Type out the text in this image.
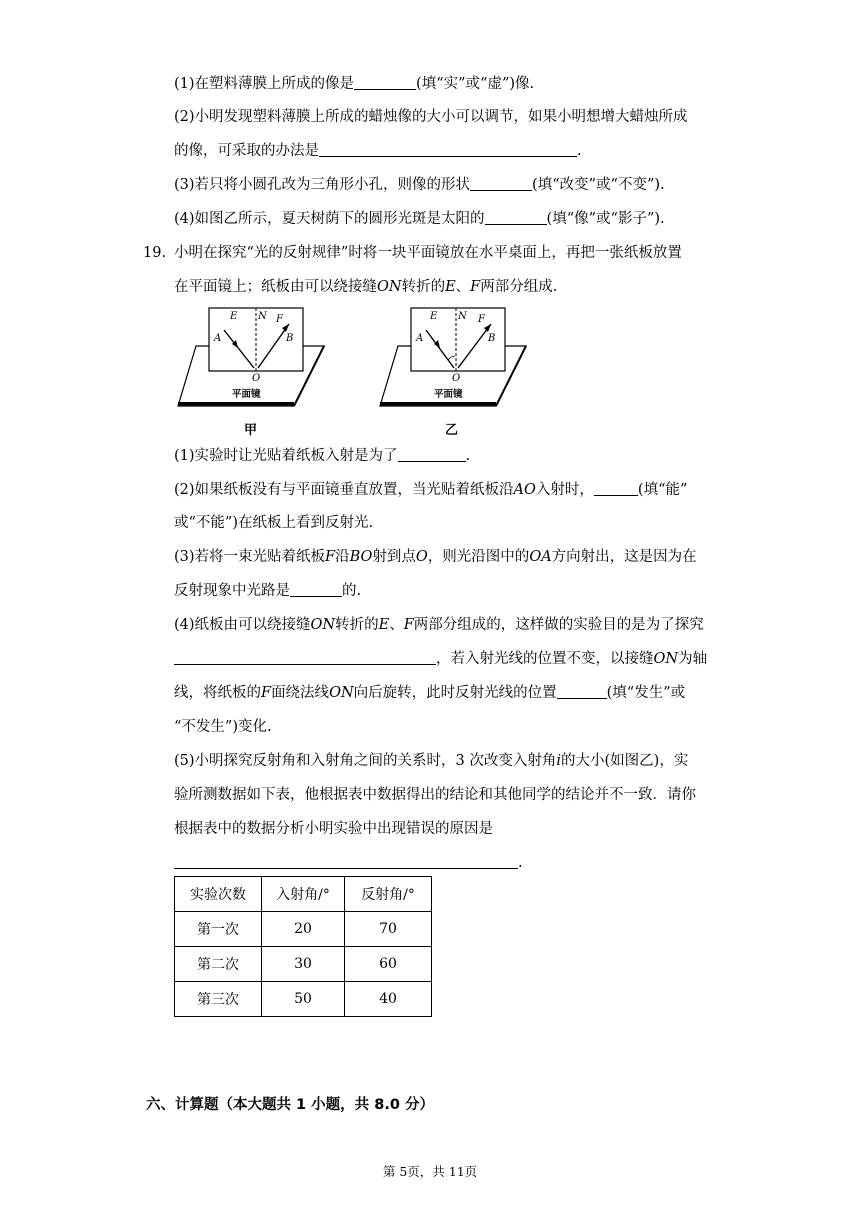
(1)在塑料薄膜上所成的像是	(填“实”或“虚”)像.
(2)小明发现塑料薄膜上所成的蜡烛像的大小可以调节，如果小明想增大蜡烛所成
的像，可采取的办法是	.
(3)若只将小圆孔改为三角形小孔，则像的形状	(填“改变”或“不变”).
(4)如图乙所示，夏天树荫下的圆形光斑是太阳的	(填“像”或“影子”).
19. 小明在探究“光的反射规律”时将一块平面镜放在水平桌面上，再把一张纸板放置
在平面镜上；纸板由可以绕接缝ON转折的E、F两部分组成.
E N F
A	B
O
平面镜
甲
E N F
A	B
O
平面镜
乙
(1)实验时让光贴着纸板入射是为了	.
(2)如果纸板没有与平面镜垂直放置，当光贴着纸板沿AO入射时，	(填“能”
或“不能”)在纸板上看到反射光.
(3)若将一束光贴着纸板F沿BO射到点O，则光沿图中的OA方向射出，这是因为在
反射现象中光路是	的.
(4)纸板由可以绕接缝ON转折的E、F两部分组成的，这样做的实验目的是为了探究
，若入射光线的位置不变，以接缝ON为轴
线，将纸板的F面绕法线ON向后旋转，此时反射光线的位置	(填“发生”或
“不发生”)变化.
(5)小明探究反射角和入射角之间的关系时，3 次改变入射角i的大小(如图乙)，实
验所测数据如下表，他根据表中数据得出的结论和其他同学的结论并不一致．请你
根据表中的数据分析小明实验中出现错误的原因是
.
实验次数	入射角/°	反射角/°
第一次	20	70
第二次	30	60
第三次	50	40
六、计算题（本大题共 1 小题，共 8.0 分）
第 5页，共 11页
